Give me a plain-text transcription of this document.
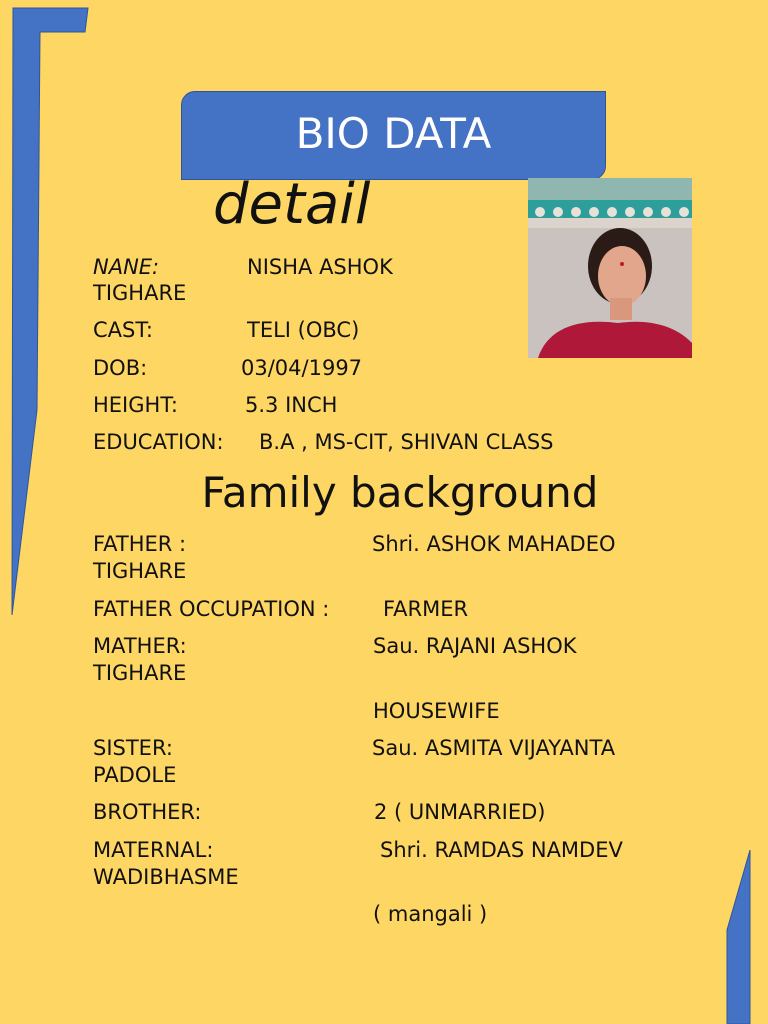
BIO DATA
detail
NANE:	NISHA ASHOK
TIGHARE
CAST:	TELI (OBC)
DOB:	03/04/1997
HEIGHT:	5.3 INCH
EDUCATION: B.A , MS-CIT, SHIVAN CLASS
Family background
FATHER :	Shri. ASHOK MAHADEO
TIGHARE
FATHER OCCUPATION :	FARMER
MATHER:	Sau. RAJANI ASHOK
TIGHARE
HOUSEWIFE
SISTER:	Sau. ASMITA VIJAYANTA
PADOLE
BROTHER:	2 ( UNMARRIED)
MATERNAL:	Shri. RAMDAS NAMDEV
WADIBHASME
( mangali )
